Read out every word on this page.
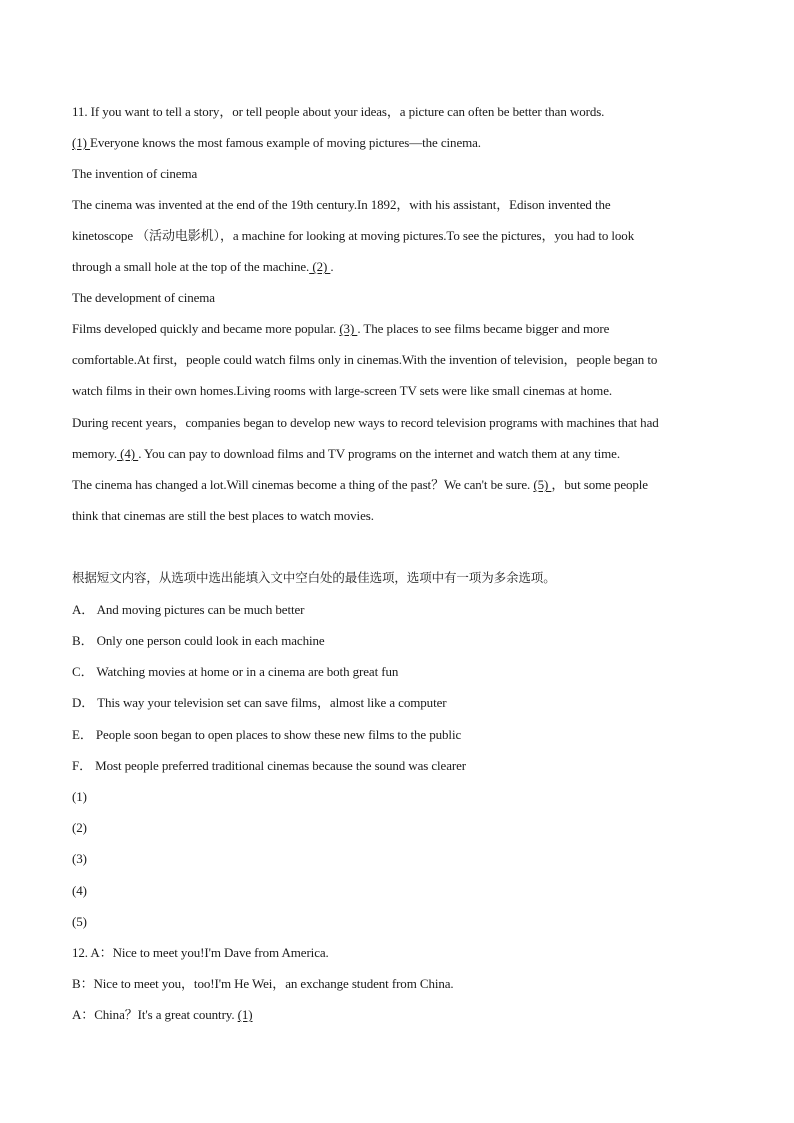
11. If you want to tell a story，or tell people about your ideas，a picture can often be better than words.
(1) Everyone knows the most famous example of moving pictures—the cinema.
The invention of cinema
The cinema was invented at the end of the 19th century.In 1892，with his assistant，Edison invented the
kinetoscope （活动电影机），a machine for looking at moving pictures.To see the pictures，you had to look
through a small hole at the top of the machine. (2) .
The development of cinema
Films developed quickly and became more popular. (3) . The places to see films became bigger and more
comfortable.At first，people could watch films only in cinemas.With the invention of television，people began to
watch films in their own homes.Living rooms with large-screen TV sets were like small cinemas at home.
During recent years，companies began to develop new ways to record television programs with machines that had
memory. (4) . You can pay to download films and TV programs on the internet and watch them at any time.
The cinema has changed a lot.Will cinemas become a thing of the past？We can't be sure. (5) ，but some people
think that cinemas are still the best places to watch movies.
根据短文内容，从选项中选出能填入文中空白处的最佳选项，选项中有一项为多余选项。
A． And moving pictures can be much better
B． Only one person could look in each machine
C． Watching movies at home or in a cinema are both great fun
D． This way your television set can save films，almost like a computer
E． People soon began to open places to show these new films to the public
F． Most people preferred traditional cinemas because the sound was clearer
(1)
(2)
(3)
(4)
(5)
12. A：Nice to meet you!I'm Dave from America.
B：Nice to meet you，too!I'm He Wei，an exchange student from China.
A：China？It's a great country. (1)
